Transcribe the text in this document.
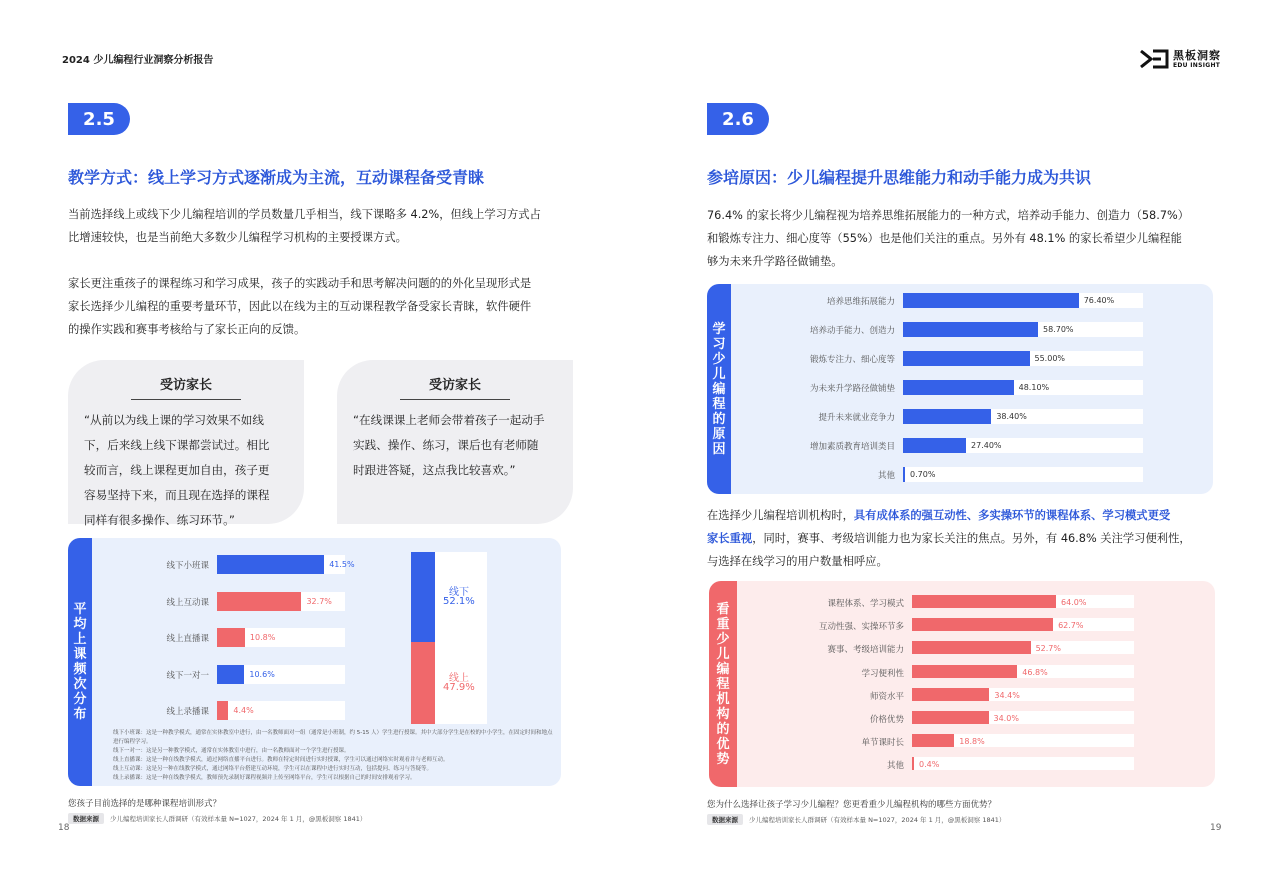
2024 少儿编程行业洞察分析报告	黑板洞察
EDU INSIGHT
2.5
教学方式：线上学习方式逐渐成为主流，互动课程备受青睐

当前选择线上或线下少儿编程培训的学员数量几乎相当，线下课略多 4.2%，但线上学习方式占

比增速较快，也是当前绝大多数少儿编程学习机构的主要授课方式。

家长更注重孩子的课程练习和学习成果，孩子的实践动手和思考解决问题的的外化呈现形式是

家长选择少儿编程的重要考量环节，因此以在线为主的互动课程教学备受家长青睐，软件硬件

的操作实践和赛事考核给与了家长正向的反馈。

受访家长
“从前以为线上课的学习效果不如线
下，后来线上线下课都尝试过。相比
较而言，线上课程更加自由，孩子更
容易坚持下来，而且现在选择的课程
同样有很多操作、练习环节。”
受访家长
“在线课课上老师会带着孩子一起动手
实践、操作、练习，课后也有老师随
时跟进答疑，这点我比较喜欢。”
平
均
上
课
频
次
分
布
线下小班课：这是一种教学模式，通常在实体教室中进行，由一名教师面对一组（通常是小班制，约 5-15 人）学生进行授课。其中大部分学生是在校的中小学生，在固定时间和地点进行编程学习。
线下一对一：这是另一种教学模式，通常在实体教室中进行，由一名教师面对一个学生进行授课。
线上直播课：这是一种在线教学模式，通过网络直播平台进行。教师在特定时间进行实时授课，学生可以通过网络实时观看并与老师互动。
线上互动课：这是另一种在线教学模式，通过网络平台搭建互动环境，学生可以在课程中进行实时互动，包括提问、练习与答疑等。
线上录播课：这是一种在线教学模式，教师预先录制好课程视频并上传至网络平台，学生可以根据自己的时间安排观看学习。
线下小班课	41.5%
线上互动课	32.7%
线上直播课	10.8%
线下一对一	10.6%
线上录播课	4.4%
线下
52.1%
线上
47.9%
您孩子目前选择的是哪种课程培训形式？
数据来源	少儿编程培训家长人群调研（有效样本量 N=1027，2024 年 1 月，@黑板洞察 1841）
18
2.6
参培原因：少儿编程提升思维能力和动手能力成为共识

76.4% 的家长将少儿编程视为培养思维拓展能力的一种方式，培养动手能力、创造力（58.7%）

和锻炼专注力、细心度等（55%）也是他们关注的重点。另外有 48.1% 的家长希望少儿编程能

够为未来升学路径做铺垫。

学
习
少
儿
编
程
的
原
因
培养思维拓展能力	76.40%
培养动手能力、创造力	58.70%
锻炼专注力、细心度等	55.00%
为未来升学路径做铺垫	48.10%
提升未来就业竞争力	38.40%
增加素质教育培训类目	27.40%
其他 0.70%

在选择少儿编程培训机构时，具有成体系的强互动性、多实操环节的课程体系、学习模式更受

家长重视，同时，赛事、考级培训能力也为家长关注的焦点。另外，有 46.8% 关注学习便利性，

与选择在线学习的用户数量相呼应。

看
重
少
儿
编
程
机
构
的
优
势
课程体系、学习模式	64.0%
互动性强、实操环节多	62.7%
赛事、考级培训能力	52.7%
学习便利性	46.8%
师资水平	34.4%
价格优势	34.0%
单节课时长	18.8%
其他 0.4%
您为什么选择让孩子学习少儿编程？您更看重少儿编程机构的哪些方面优势？
数据来源	少儿编程培训家长人群调研（有效样本量 N=1027，2024 年 1 月，@黑板洞察 1841）
19
